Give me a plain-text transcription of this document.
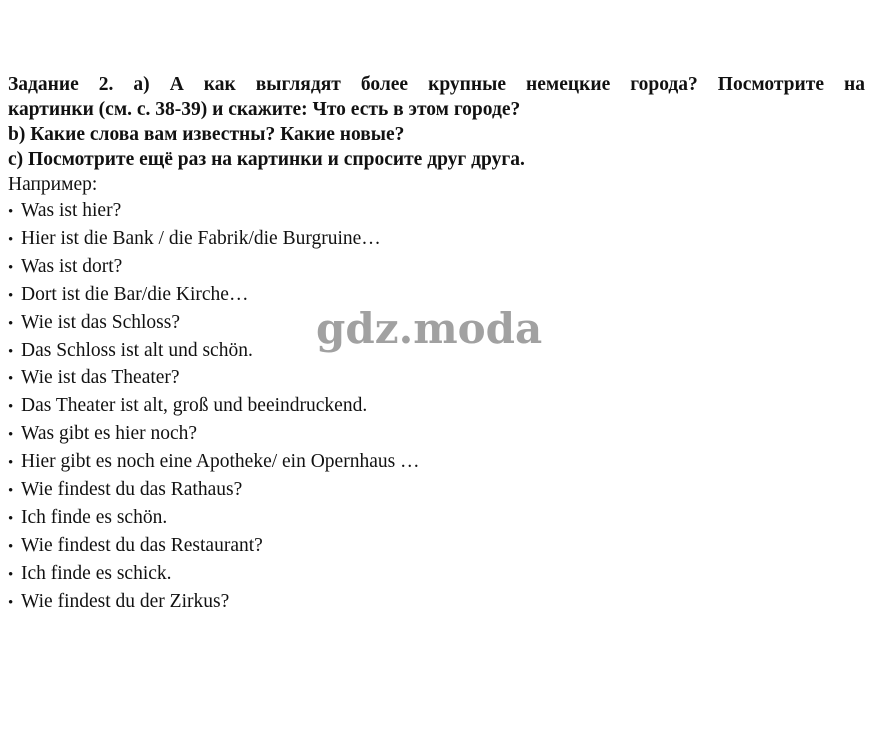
Задание 2. а) А как выглядят более крупные немецкие города? Посмотрите на
картинки (см. с. 38-39) и скажите: Что есть в этом городе?
b) Какие слова вам известны? Какие новые?
c) Посмотрите ещё раз на картинки и спросите друг друга.
Например:
• Was ist hier?
• Hier ist die Bank / die Fabrik/die Burgruine…
• Was ist dort?
• Dort ist die Bar/die Kirche…
• Wie ist das Schloss?
• Das Schloss ist alt und schön.
• Wie ist das Theater?
• Das Theater ist alt, groß und beeindruckend.
• Was gibt es hier noch?
• Hier gibt es noch eine Apotheke/ ein Opernhaus …
• Wie findest du das Rathaus?
• Ich finde es schön.
• Wie findest du das Restaurant?
• Ich finde es schick.
• Wie findest du der Zirkus?
gdz.moda
